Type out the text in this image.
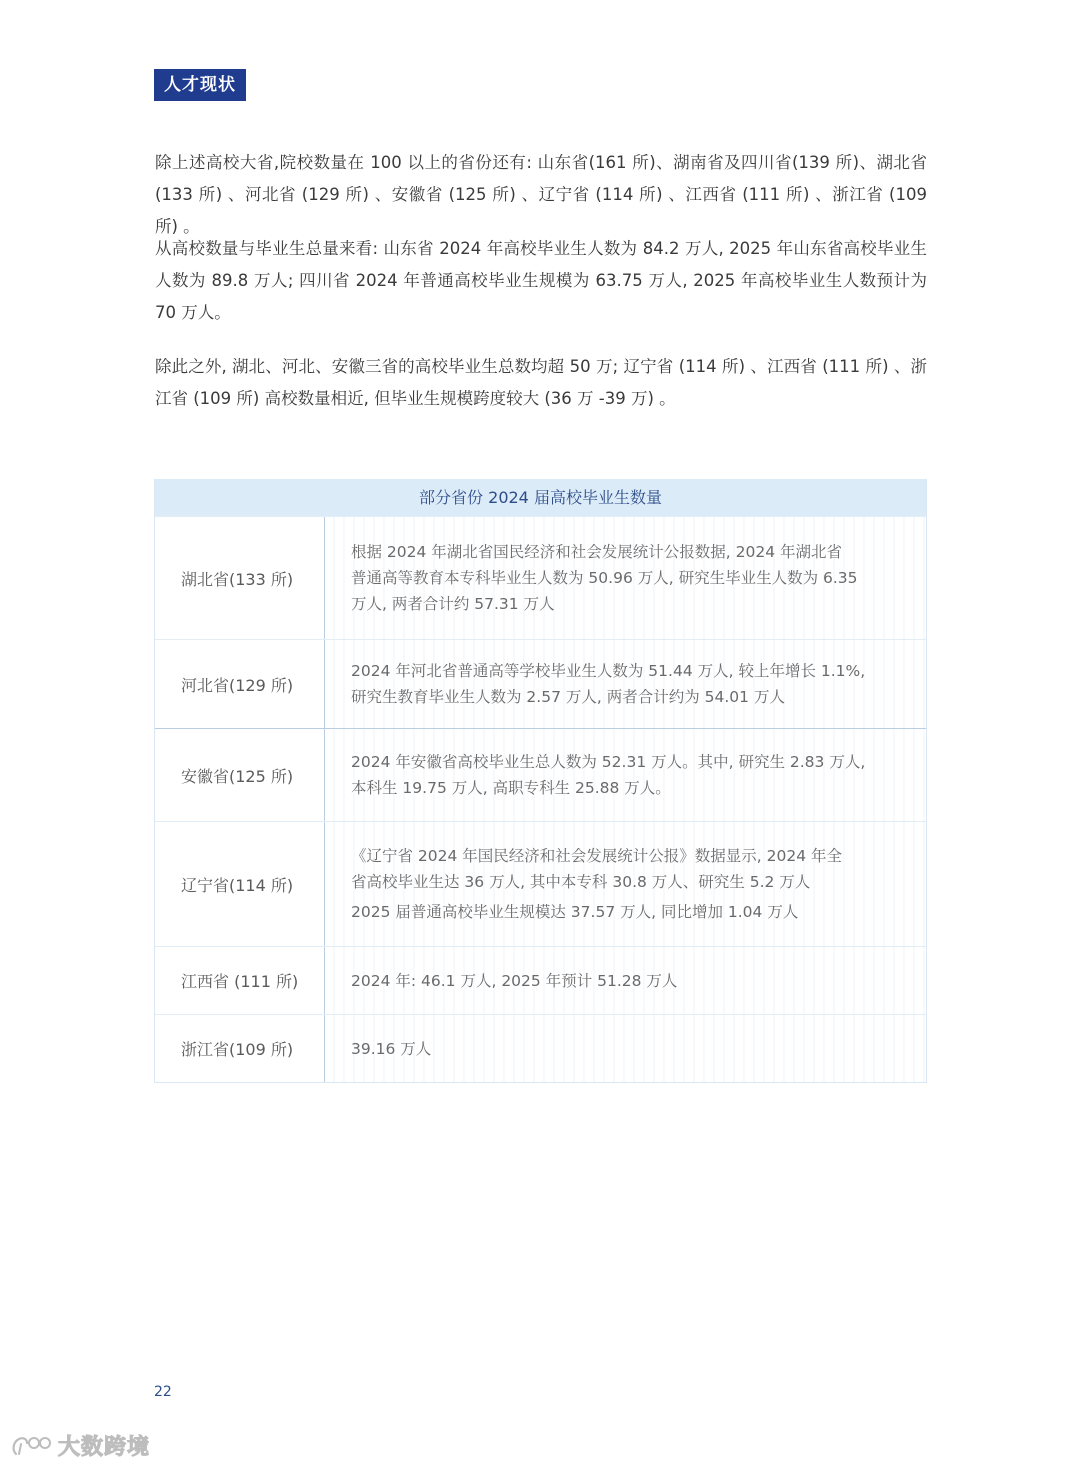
人才现状

除上述高校大省,院校数量在 100 以上的省份还有: 山东省(161 所)、湖南省及四川省(139 所)、湖北省(133 所) 、河北省 (129 所) 、安徽省 (125 所) 、辽宁省 (114 所) 、江西省 (111 所) 、浙江省 (109 所) 。

从高校数量与毕业生总量来看: 山东省 2024 年高校毕业生人数为 84.2 万人, 2025 年山东省高校毕业生人数为 89.8 万人; 四川省 2024 年普通高校毕业生规模为 63.75 万人, 2025 年高校毕业生人数预计为 70 万人。

除此之外, 湖北、河北、安徽三省的高校毕业生总数均超 50 万; 辽宁省 (114 所) 、江西省 (111 所) 、浙江省 (109 所) 高校数量相近, 但毕业生规模跨度较大 (36 万 -39 万) 。

部分省份 2024 届高校毕业生数量
湖北省(133 所)
根据 2024 年湖北省国民经济和社会发展统计公报数据, 2024 年湖北省
普通高等教育本专科毕业生人数为 50.96 万人, 研究生毕业生人数为 6.35
万人, 两者合计约 57.31 万人
河北省(129 所)
2024 年河北省普通高等学校毕业生人数为 51.44 万人, 较上年增长 1.1%,
研究生教育毕业生人数为 2.57 万人, 两者合计约为 54.01 万人
安徽省(125 所)
2024 年安徽省高校毕业生总人数为 52.31 万人。其中, 研究生 2.83 万人,
本科生 19.75 万人, 高职专科生 25.88 万人。
辽宁省(114 所)
《辽宁省 2024 年国民经济和社会发展统计公报》数据显示, 2024 年全
省高校毕业生达 36 万人, 其中本专科 30.8 万人、研究生 5.2 万人
2025 届普通高校毕业生规模达 37.57 万人, 同比增加 1.04 万人
江西省 (111 所)	2024 年: 46.1 万人, 2025 年预计 51.28 万人
浙江省(109 所)	39.16 万人
22
大数跨境
